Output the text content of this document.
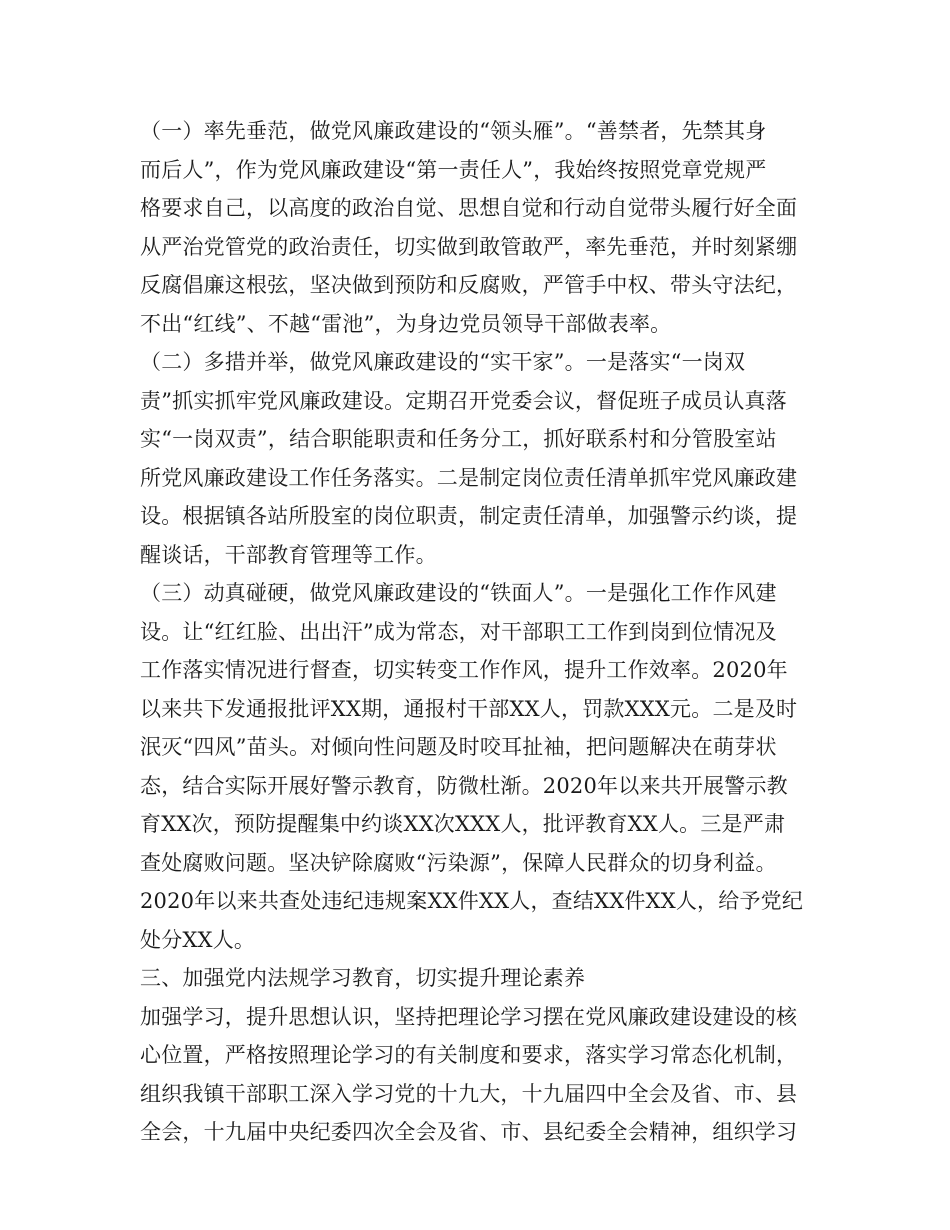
（一）率先垂范，做党风廉政建设的“领头雁”。“善禁者，先禁其身
而后人”，作为党风廉政建设“第一责任人”，我始终按照党章党规严
格要求自己，以高度的政治自觉、思想自觉和行动自觉带头履行好全面
从严治党管党的政治责任，切实做到敢管敢严，率先垂范，并时刻紧绷
反腐倡廉这根弦，坚决做到预防和反腐败，严管手中权、带头守法纪，
不出“红线”、不越“雷池”，为身边党员领导干部做表率。
（二）多措并举，做党风廉政建设的“实干家”。一是落实“一岗双
责”抓实抓牢党风廉政建设。定期召开党委会议，督促班子成员认真落
实“一岗双责”，结合职能职责和任务分工，抓好联系村和分管股室站
所党风廉政建设工作任务落实。二是制定岗位责任清单抓牢党风廉政建
设。根据镇各站所股室的岗位职责，制定责任清单，加强警示约谈，提
醒谈话，干部教育管理等工作。
（三）动真碰硬，做党风廉政建设的“铁面人”。一是强化工作作风建
设。让“红红脸、出出汗”成为常态，对干部职工工作到岗到位情况及
工作落实情况进行督查，切实转变工作作风，提升工作效率。2020年
以来共下发通报批评XX期，通报村干部XX人，罚款XXX元。二是及时
泯灭“四风”苗头。对倾向性问题及时咬耳扯袖，把问题解决在萌芽状
态，结合实际开展好警示教育，防微杜渐。2020年以来共开展警示教
育XX次，预防提醒集中约谈XX次XXX人，批评教育XX人。三是严肃
查处腐败问题。坚决铲除腐败“污染源”，保障人民群众的切身利益。
2020年以来共查处违纪违规案XX件XX人，查结XX件XX人，给予党纪
处分XX人。
三、加强党内法规学习教育，切实提升理论素养
加强学习，提升思想认识，坚持把理论学习摆在党风廉政建设建设的核
心位置，严格按照理论学习的有关制度和要求，落实学习常态化机制，
组织我镇干部职工深入学习党的十九大，十九届四中全会及省、市、县
全会，十九届中央纪委四次全会及省、市、县纪委全会精神，组织学习
